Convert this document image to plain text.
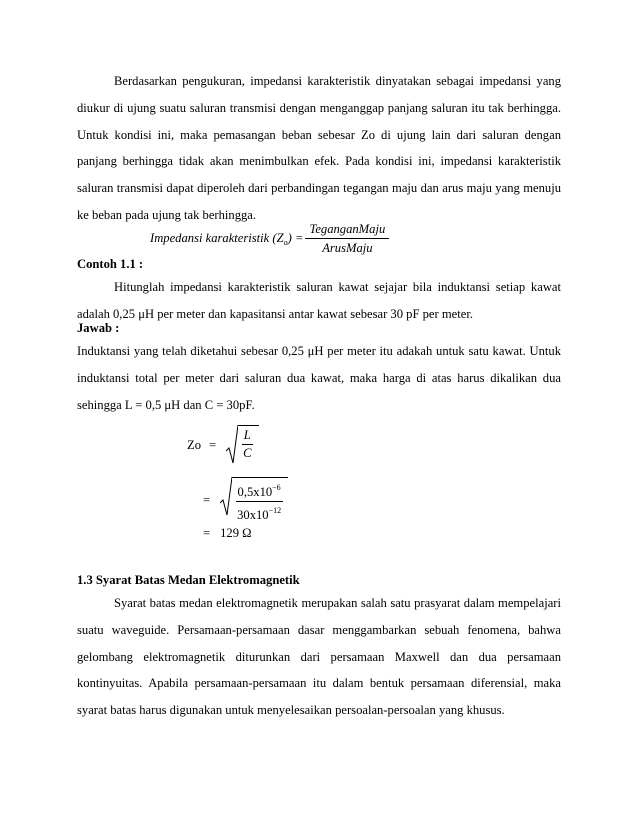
Berdasarkan pengukuran, impedansi karakteristik dinyatakan sebagai impedansi yang diukur di ujung suatu saluran transmisi dengan menganggap panjang saluran itu tak berhingga. Untuk kondisi ini, maka pemasangan beban sebesar Zo di ujung lain dari saluran dengan panjang berhingga tidak akan menimbulkan efek. Pada kondisi ini, impedansi karakteristik saluran transmisi dapat diperoleh dari perbandingan tegangan maju dan arus maju yang menuju ke beban pada ujung tak berhingga.

Impedansi karakteristik $(Z_o) = \frac{\text{TeganganMaju}}{\text{ArusMaju}}$

Contoh 1.1 :

Hitunglah impedansi karakteristik saluran kawat sejajar bila induktansi setiap kawat adalah 0,25 μH per meter dan kapasitansi antar kawat sebesar 30 pF per meter.

Jawab :

Induktansi yang telah diketahui sebesar 0,25 μH per meter itu adakah untuk satu kawat. Untuk induktansi total per meter dari saluran dua kawat, maka harga di atas harus dikalikan dua sehingga L = 0,5 μH dan C = 30pF.

$Zo = \frac{L}{C}$
= $\frac{0,5x10^{-6}}{30x10^{-12}}$
= 129 Ω

1.3 Syarat Batas Medan Elektromagnetik

Syarat batas medan elektromagnetik merupakan salah satu prasyarat dalam mempelajari suatu waveguide. Persamaan-persamaan dasar menggambarkan sebuah fenomena, bahwa gelombang elektromagnetik diturunkan dari persamaan Maxwell dan dua persamaan kontinyuitas. Apabila persamaan-persamaan itu dalam bentuk persamaan diferensial, maka syarat batas harus digunakan untuk menyelesaikan persoalan-persoalan yang khusus.
